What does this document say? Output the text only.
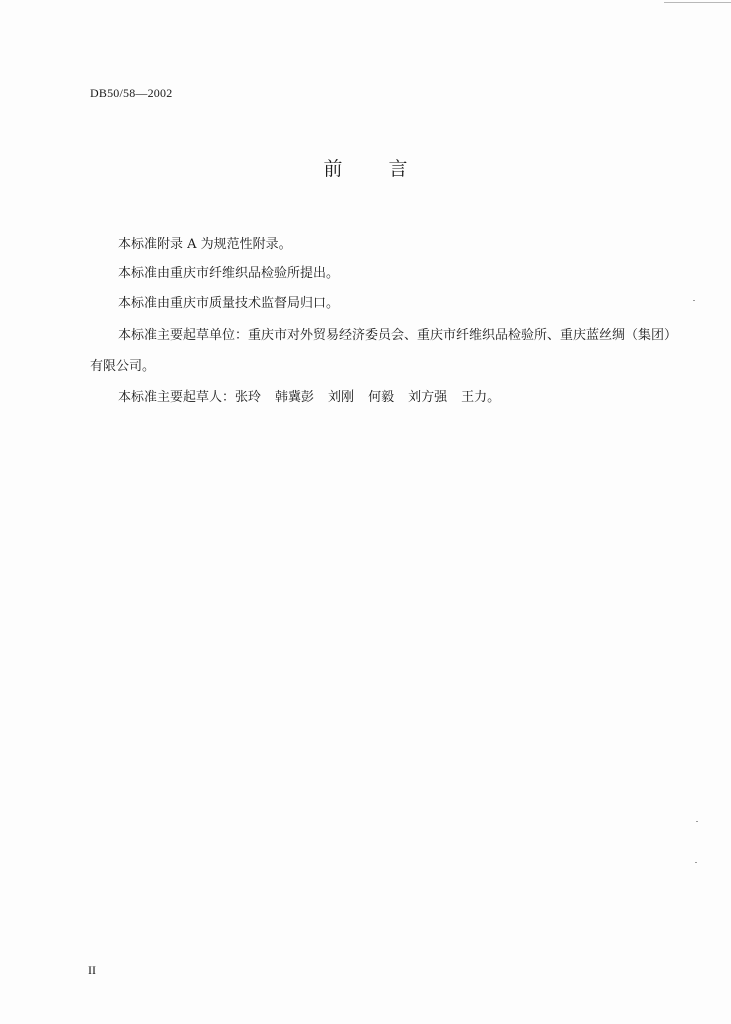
DB50/58—2002
前 言
本标准附录 A 为规范性附录。
本标准由重庆市纤维织品检验所提出。
本标准由重庆市质量技术监督局归口。
本标准主要起草单位：重庆市对外贸易经济委员会、重庆市纤维织品检验所、重庆蓝丝绸（集团）
有限公司。
本标准主要起草人：张玲 韩冀彭 刘刚 何毅 刘方强 王力。
II
